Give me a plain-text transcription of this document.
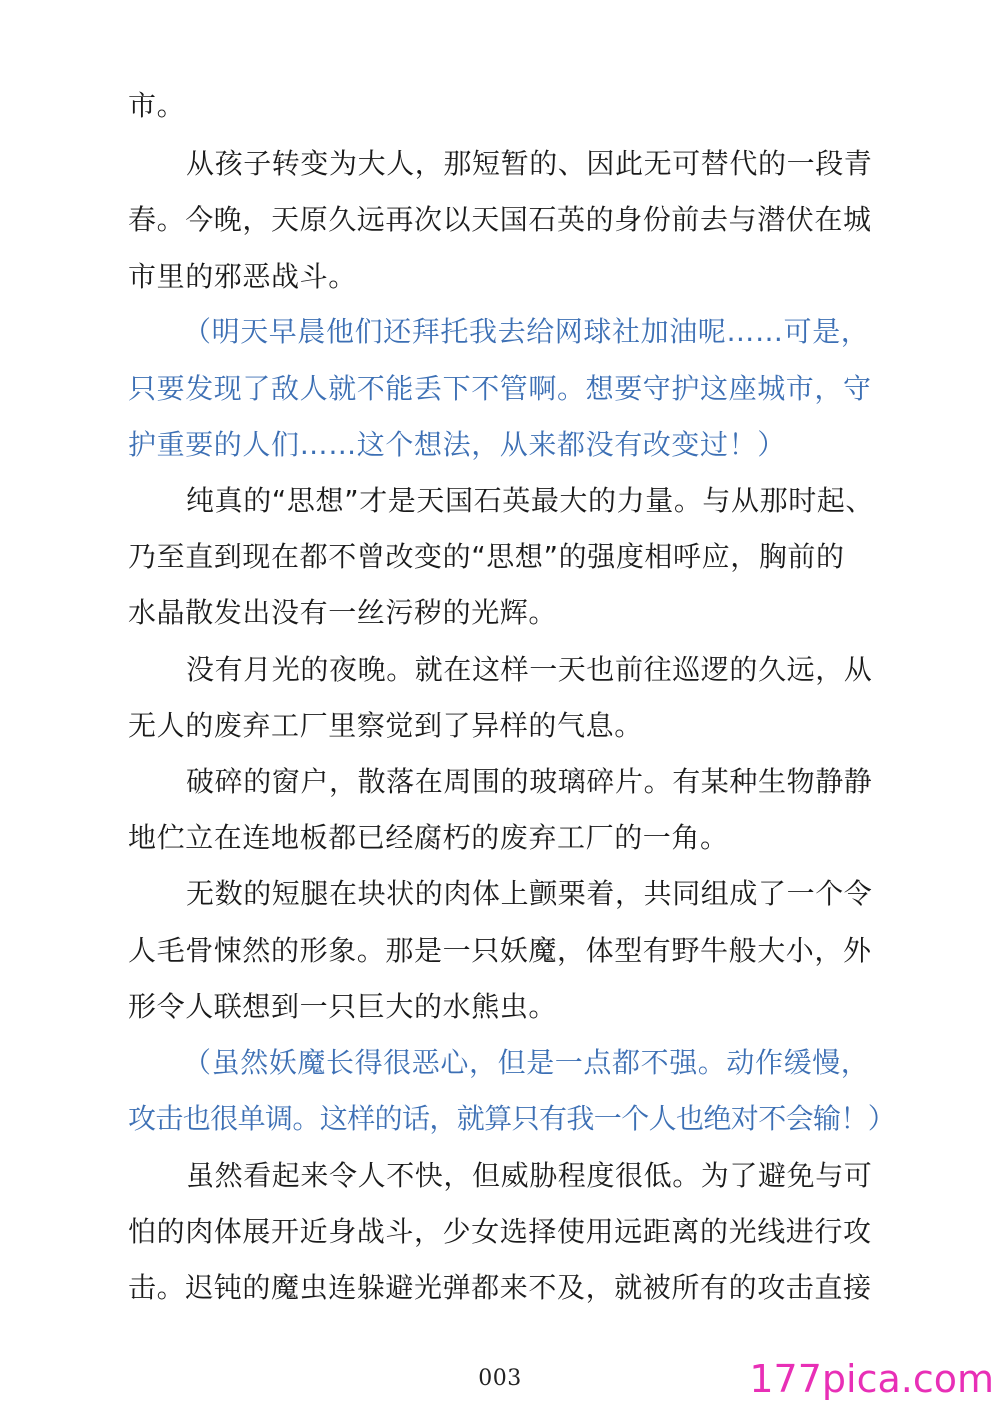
市。
从孩子转变为大人，那短暂的、因此无可替代的一段青
春。今晚，天原久远再次以天国石英的身份前去与潜伏在城
市里的邪恶战斗。
（明天早晨他们还拜托我去给网球社加油呢……可是，
只要发现了敌人就不能丢下不管啊。想要守护这座城市，守
护重要的人们……这个想法，从来都没有改变过！）
纯真的“思想”才是天国石英最大的力量。与从那时起、
乃至直到现在都不曾改变的“思想”的强度相呼应，胸前的
水晶散发出没有一丝污秽的光辉。
没有月光的夜晚。就在这样一天也前往巡逻的久远，从
无人的废弃工厂里察觉到了异样的气息。
破碎的窗户，散落在周围的玻璃碎片。有某种生物静静
地伫立在连地板都已经腐朽的废弃工厂的一角。
无数的短腿在块状的肉体上颤栗着，共同组成了一个令
人毛骨悚然的形象。那是一只妖魔，体型有野牛般大小，外
形令人联想到一只巨大的水熊虫。
（虽然妖魔长得很恶心，但是一点都不强。动作缓慢，
攻击也很单调。这样的话，就算只有我一个人也绝对不会输！）
虽然看起来令人不快，但威胁程度很低。为了避免与可
怕的肉体展开近身战斗，少女选择使用远距离的光线进行攻
击。迟钝的魔虫连躲避光弹都来不及，就被所有的攻击直接
003	177pica.com
